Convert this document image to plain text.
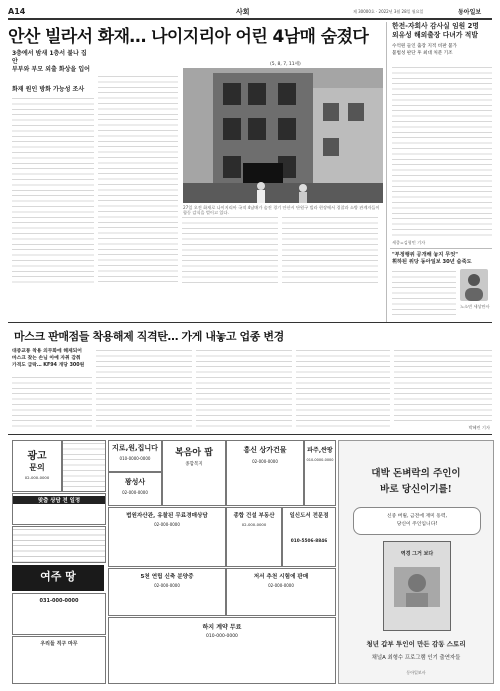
A14	사회	제 30000호 · 2022년 3월 28일 월요일	동아일보
안산 빌라서 화재… 나이지리아 어린 4남매 숨졌다
(5, 8, 7, 11세)
3층에서 밤새 1층서 불나 집안
부부와 부모 외출 화상을 입어
화재 원인 방화 가능성 조사
27일 오전 화재로 나이지리아 국적 4남매가 숨진 경기 안산시 단원구 빌라 현장에서 경찰과 소방 관계자들이 합동 감식을 벌이고 있다.
한전-자회사 감사실 임원 2명
외유성 해외출장 다녀가 적발
수억원 들인 출장 지적 비판 불가
불법성 판단 후 최대 처분 기조
세종=김형민 기자
"부정행위 공개해 놓지 무엇"
휘하된 위당 동아일보 30년 숨죽도
노소빈 세상만사
마스크 판매점들 착용해제 직격탄… 가게 내놓고 업종 변경
대중교통 착용 의무화에 해제되어
마스크 찾는 손님 아예 자취 감춰
가격도 급락… KF94 개당 300원
박혜린 기자
광고
문의
02-000-0000
맞춤 상담 전 일정
여주 땅
031-000-0000
우리들 직구 마무
지로,원,집니다
010-0000-0000
꽝성사
02-000-0000
복음아 팝
종합복지
흥신 상가건물
02-000-0000
파주,싼팡
010-0000-0000
법원자산관, 유찰된 무료경매상담
02-000-0000
종합 건설 부동산
02-000-0000
일신도서 전문점
010-5506-8846
5천 연립 신축 분양중
02-000-0000
저서 추천 시험에 판매
02-000-0000
하지 계약 무료
010-000-0000
대박 돈벼락의 주인이
바로 당신이기를!
신중 버릴, 금전에 재미 동력,
당신이 주인입니다!
역경 그거 보다
청년 갑부 투인이 만든 감동 스토리
채널A 최형수 프로그램 인기 출연자들
동아일보사
